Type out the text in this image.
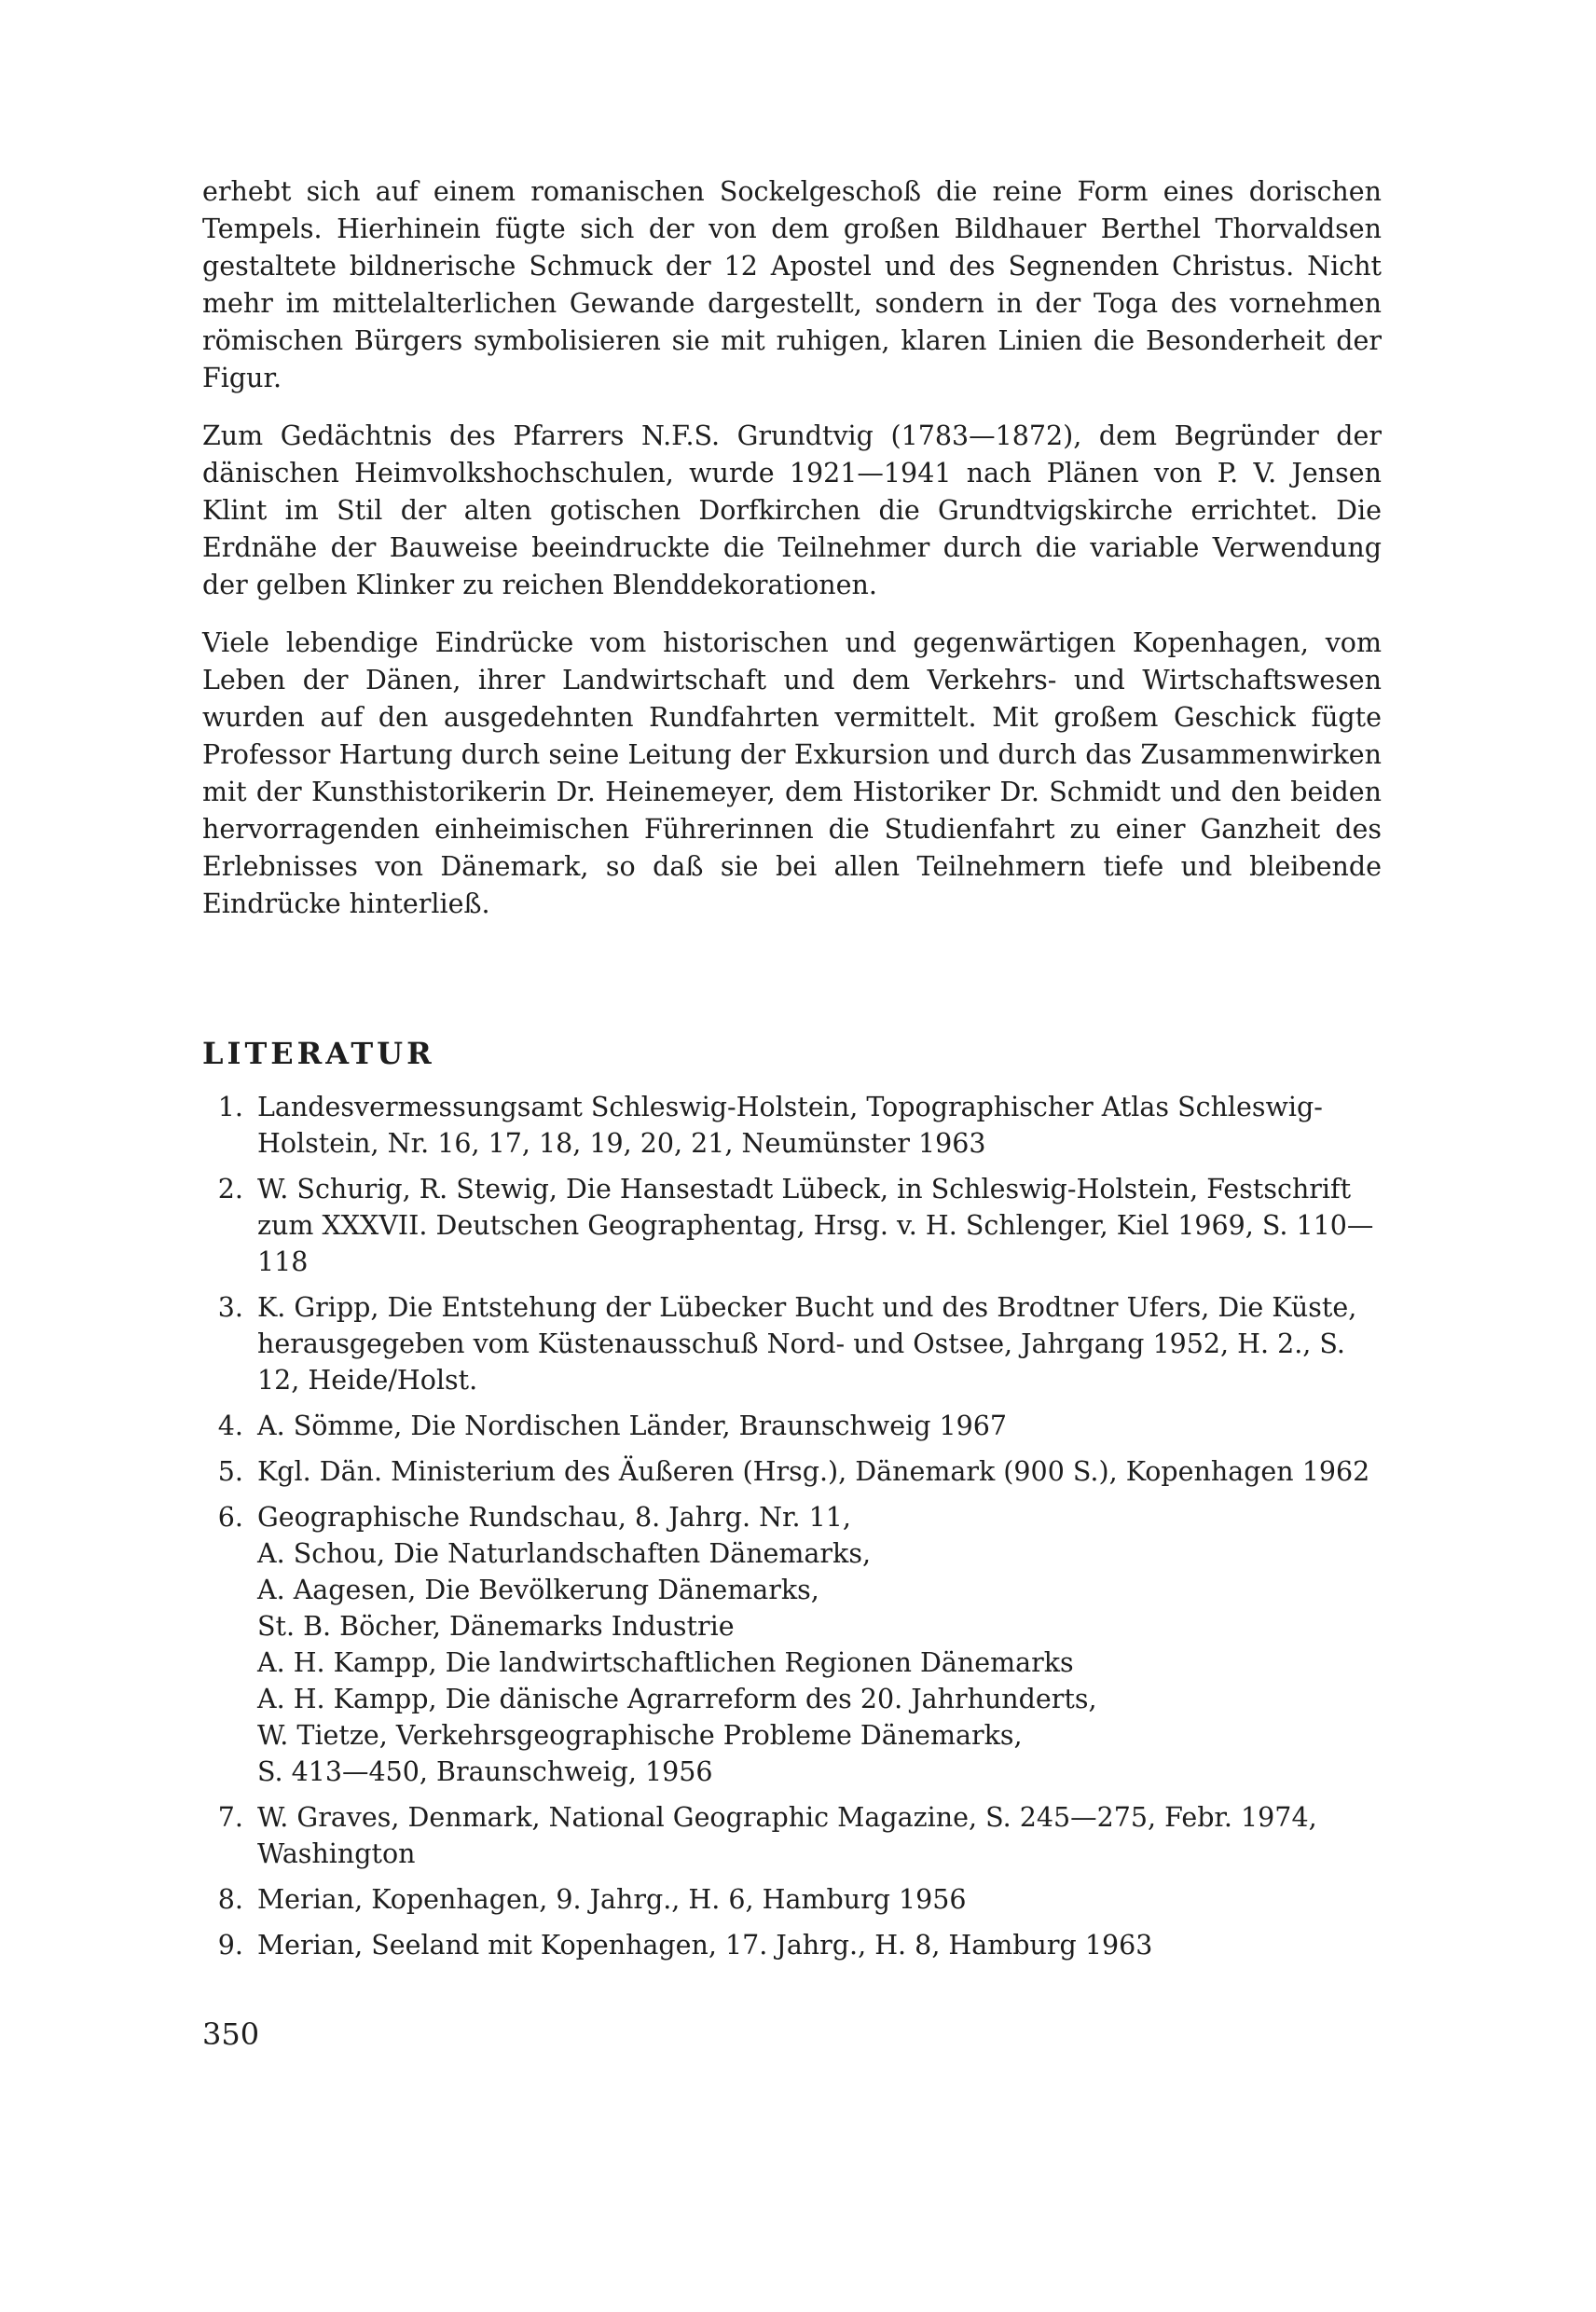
erhebt sich auf einem romanischen Sockelgeschoß die reine Form eines dorischen Tempels. Hierhinein fügte sich der von dem großen Bildhauer Berthel Thorvaldsen gestaltete bildnerische Schmuck der 12 Apostel und des Segnenden Christus. Nicht mehr im mittelalterlichen Gewande dargestellt, sondern in der Toga des vornehmen römischen Bürgers symbolisieren sie mit ruhigen, klaren Linien die Besonderheit der Figur.

Zum Gedächtnis des Pfarrers N.F.S. Grundtvig (1783—1872), dem Begründer der dänischen Heimvolkshochschulen, wurde 1921—1941 nach Plänen von P. V. Jensen Klint im Stil der alten gotischen Dorfkirchen die Grundtvigskirche errichtet. Die Erdnähe der Bauweise beeindruckte die Teilnehmer durch die variable Verwendung der gelben Klinker zu reichen Blenddekorationen.

Viele lebendige Eindrücke vom historischen und gegenwärtigen Kopenhagen, vom Leben der Dänen, ihrer Landwirtschaft und dem Verkehrs- und Wirtschaftswesen wurden auf den ausgedehnten Rundfahrten vermittelt. Mit großem Geschick fügte Professor Hartung durch seine Leitung der Exkursion und durch das Zusammenwirken mit der Kunsthistorikerin Dr. Heinemeyer, dem Historiker Dr. Schmidt und den beiden hervorragenden einheimischen Führerinnen die Studienfahrt zu einer Ganzheit des Erlebnisses von Dänemark, so daß sie bei allen Teilnehmern tiefe und bleibende Eindrücke hinterließ.

LITERATUR
1. Landesvermessungsamt Schleswig-Holstein, Topographischer Atlas Schleswig-Holstein, Nr. 16, 17, 18, 19, 20, 21, Neumünster 1963
2. W. Schurig, R. Stewig, Die Hansestadt Lübeck, in Schleswig-Holstein, Festschrift zum XXXVII. Deutschen Geographentag, Hrsg. v. H. Schlenger, Kiel 1969, S. 110—118
3. K. Gripp, Die Entstehung der Lübecker Bucht und des Brodtner Ufers, Die Küste, herausgegeben vom Küstenausschuß Nord- und Ostsee, Jahrgang 1952, H. 2., S. 12, Heide/Holst.
4. A. Sömme, Die Nordischen Länder, Braunschweig 1967
5. Kgl. Dän. Ministerium des Äußeren (Hrsg.), Dänemark (900 S.), Kopenhagen 1962
6. Geographische Rundschau, 8. Jahrg. Nr. 11,
A. Schou, Die Naturlandschaften Dänemarks,
A. Aagesen, Die Bevölkerung Dänemarks,
St. B. Böcher, Dänemarks Industrie
A. H. Kampp, Die landwirtschaftlichen Regionen Dänemarks
A. H. Kampp, Die dänische Agrarreform des 20. Jahrhunderts,
W. Tietze, Verkehrsgeographische Probleme Dänemarks,
S. 413—450, Braunschweig, 1956
7. W. Graves, Denmark, National Geographic Magazine, S. 245—275, Febr. 1974, Washington
8. Merian, Kopenhagen, 9. Jahrg., H. 6, Hamburg 1956
9. Merian, Seeland mit Kopenhagen, 17. Jahrg., H. 8, Hamburg 1963
350
